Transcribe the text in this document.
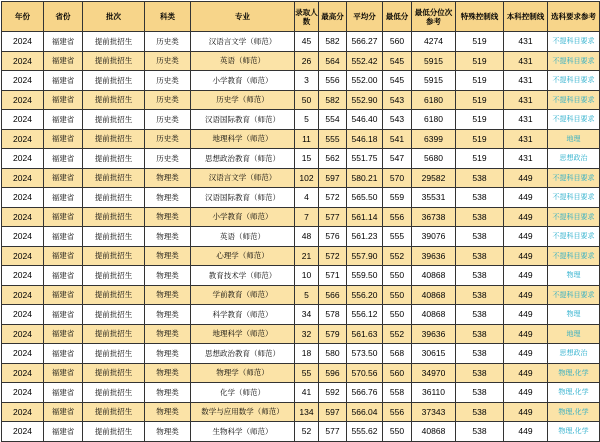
年份	省份	批次	科类	专业	录取人数	最高分	平均分	最低分	最低分位次参考	特殊控制线	本科控制线	选科要求参考
2024	福建省	提前批招生	历史类	汉语言文学（师范）	45	582	566.27	560	4274	519	431	不提科目要求
2024	福建省	提前批招生	历史类	英语（师范）	26	564	552.42	545	5915	519	431	不提科目要求
2024	福建省	提前批招生	历史类	小学教育（师范）	3	556	552.00	545	5915	519	431	不提科目要求
2024	福建省	提前批招生	历史类	历史学（师范）	50	582	552.90	543	6180	519	431	不提科目要求
2024	福建省	提前批招生	历史类	汉语国际教育（师范）	5	554	546.40	543	6180	519	431	不提科目要求
2024	福建省	提前批招生	历史类	地理科学（师范）	11	555	546.18	541	6399	519	431	地理
2024	福建省	提前批招生	历史类	思想政治教育（师范）	15	562	551.75	547	5680	519	431	思想政治
2024	福建省	提前批招生	物理类	汉语言文学（师范）	102	597	580.21	570	29582	538	449	不提科目要求
2024	福建省	提前批招生	物理类	汉语国际教育（师范）	4	572	565.50	559	35531	538	449	不提科目要求
2024	福建省	提前批招生	物理类	小学教育（师范）	7	577	561.14	556	36738	538	449	不提科目要求
2024	福建省	提前批招生	物理类	英语（师范）	48	576	561.23	555	39076	538	449	不提科目要求
2024	福建省	提前批招生	物理类	心理学（师范）	21	572	557.90	552	39636	538	449	不提科目要求
2024	福建省	提前批招生	物理类	教育技术学（师范）	10	571	559.50	550	40868	538	449	物理
2024	福建省	提前批招生	物理类	学前教育（师范）	5	566	556.20	550	40868	538	449	不提科目要求
2024	福建省	提前批招生	物理类	科学教育（师范）	34	578	556.12	550	40868	538	449	物理
2024	福建省	提前批招生	物理类	地理科学（师范）	32	579	561.63	552	39636	538	449	地理
2024	福建省	提前批招生	物理类	思想政治教育（师范）	18	580	573.50	568	30615	538	449	思想政治
2024	福建省	提前批招生	物理类	物理学（师范）	55	596	570.56	560	34970	538	449	物理,化学
2024	福建省	提前批招生	物理类	化学（师范）	41	592	566.76	558	36110	538	449	物理,化学
2024	福建省	提前批招生	物理类	数学与应用数学（师范）	134	597	566.04	556	37343	538	449	物理,化学
2024	福建省	提前批招生	物理类	生物科学（师范）	52	577	555.62	550	40868	538	449	物理,化学
